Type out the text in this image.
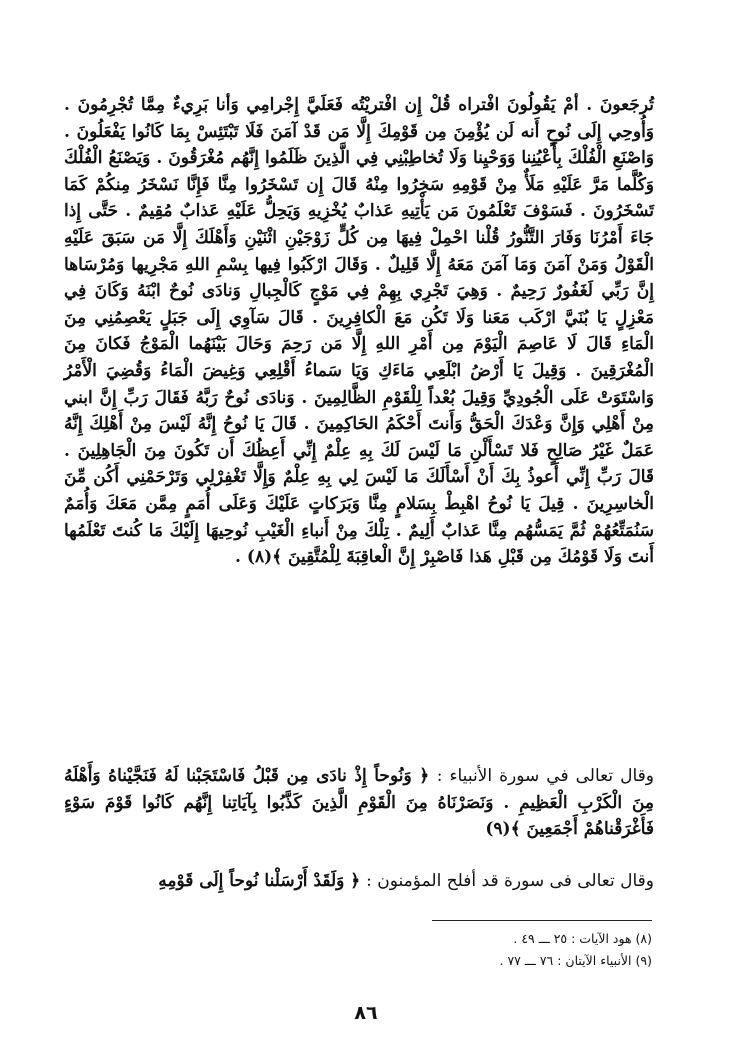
تُرجَعونَ . أمْ يَقُولُونَ افْتراه قُلْ إِن افْتريْتُه فَعَلَيَّ إِجْرامِي وَأنا بَرِيءٌ مِمَّا تُجْرِمُونَ . وَأُوحِي إِلَى نُوحٍ أَنه لَن يُؤْمِنَ مِن قَوْمِكَ إِلَّا مَن قَدْ آمَنَ فَلَا تَبْتَئِسْ بِمَا كَانُوا يَفْعَلُونَ . وَاصْنَعِ الْفُلْكَ بِأَعْيُنِنا وَوَحْيِنا وَلَا تُخاطِبْنِي فِي الَّذِينَ ظَلَمُوا إِنَّهُم مُغْرَقُونَ . وَيَصْنَعُ الْفُلْكَ وَكُلَّما مَرَّ عَلَيْهِ مَلَأٌ مِنْ قَوْمِهِ سَخِرُوا مِنْهُ قَالَ إِن تَسْخَرُوا مِنَّا فَإِنَّا نَسْخَرُ مِنكُمْ كَمَا تَسْخَرُونَ . فَسَوْفَ تَعْلَمُونَ مَن يَأْتِيهِ عَذابٌ يُخْزِيهِ وَيَحِلُّ عَلَيْهِ عَذابٌ مُقِيمٌ . حَتَّى إِذا جَاءَ أَمْرُنَا وَفَارَ التَّنُّورُ قُلْنا احْمِلْ فِيهَا مِن كُلٍّ زَوْجَيْنِ اثْنَيْنِ وَأَهْلَكَ إِلَّا مَن سَبَقَ عَلَيْهِ الْقَوْلُ وَمَنْ آمَنَ وَمَا آمَنَ مَعَهُ إِلَّا قَلِيلٌ . وَقَالَ ارْكَبُوا فِيها بِسْمِ اللهِ مَجْرِيها وَمُرْسَاها إِنَّ رَبِّي لَغَفُورٌ رَحِيمٌ . وَهِيَ تَجْرِي بِهِمْ فِي مَوْجٍ كَالْجِبالِ وَنادَى نُوحٌ ابْنَهُ وَكَانَ فِي مَعْزِلٍ يَا بُنَيَّ ارْكَب مَعَنا وَلَا تَكُن مَعَ الْكافِرِينَ . قَالَ سَآوِي إِلَى جَبَلٍ يَعْصِمُنِي مِنَ الْمَاءِ قَالَ لَا عَاصِمَ الْيَوْمَ مِن أَمْرِ اللهِ إِلَّا مَن رَحِمَ وَحَالَ بَيْنَهُما الْمَوْجُ فَكانَ مِنَ الْمُغْرَقِينَ . وَقِيلَ يَا أَرْضُ ابْلَعِي مَاءَكِ وَيَا سَماءُ أَقْلِعِي وَغِيضَ الْمَاءُ وَقُضِيَ الْأَمْرُ وَاسْتَوَتْ عَلَى الْجُودِيِّ وَقِيلَ بُعْداً لِلْقَوْمِ الظَّالِمِينَ . وَنادَى نُوحٌ رَبَّهُ فَقَالَ رَبِّ إِنَّ ابني مِنْ أَهْلِي وَإِنَّ وَعْدَكَ الْحَقُّ وَأَنتَ أَحْكَمُ الحَاكِمِينَ . قَالَ يَا نُوحُ إِنَّهُ لَيْسَ مِنْ أَهْلِكَ إِنَّهُ عَمَلٌ غَيْرُ صَالِحٍ فَلا تَسْأَلْنِ مَا لَيْسَ لَكَ بِهِ عِلْمٌ إِنِّي أَعِظُكَ أَن تَكُونَ مِنَ الْجَاهِلِينَ . قَالَ رَبِّ إِنِّي أَعوذُ بِكَ أَنْ أَسْأَلَكَ مَا لَيْسَ لِي بِهِ عِلْمٌ وَإِلَّا تَغْفِرْلِي وَتَرْحَمْنِي أَكُن مِّنَ الْخاسِرِينَ . قِيلَ يَا نُوحُ اهْبِطْ بِسَلامٍ مِنَّا وَبَرَكاتٍ عَلَيْكَ وَعَلَى أُمَمٍ مِمَّن مَعَكَ وَأُمَمٌ سَنُمَتِّعُهُمْ ثُمَّ يَمَسُّهُم مِنَّا عَذابٌ أَلِيمٌ . تِلْكَ مِنْ أَنباءِ الْغَيْبِ نُوحِيهَا إِلَيْكَ مَا كُنتَ تَعْلَمُها أَنتَ وَلَا قَوْمُكَ مِن قَبْلِ هَذا فَاصْبِرْ إِنَّ الْعاقِبَةَ لِلْمُتَّقِينَ ﴾(٨) .
وقال تعالى في سورة الأنبياء : ﴿ وَنُوحاً إِذْ نادَى مِن قَبْلُ فَاسْتَجَبْنا لَهُ فَنَجَّيْناهُ وَأَهْلَهُ مِنَ الْكَرْبِ الْعَظِيمِ . وَنَصَرْنَاهُ مِنَ الْقَوْمِ الَّذِينَ كَذَّبُوا بِآيَاتِنا إِنَّهُم كَانُوا قَوْمَ سَوْءٍ فَأَغْرَقْناهُمْ أَجْمَعِينَ ﴾(٩)
وقال تعالى فى سورة قد أفلح المؤمنون : ﴿ وَلَقَدْ أَرْسَلْنا نُوحاً إِلَى قَوْمِهِ

(٨) هود الآيات : ٢٥ ـــ ٤٩ .

(٩) الأنبياء الآيتان : ٧٦ ـــ ٧٧ .

٨٦
